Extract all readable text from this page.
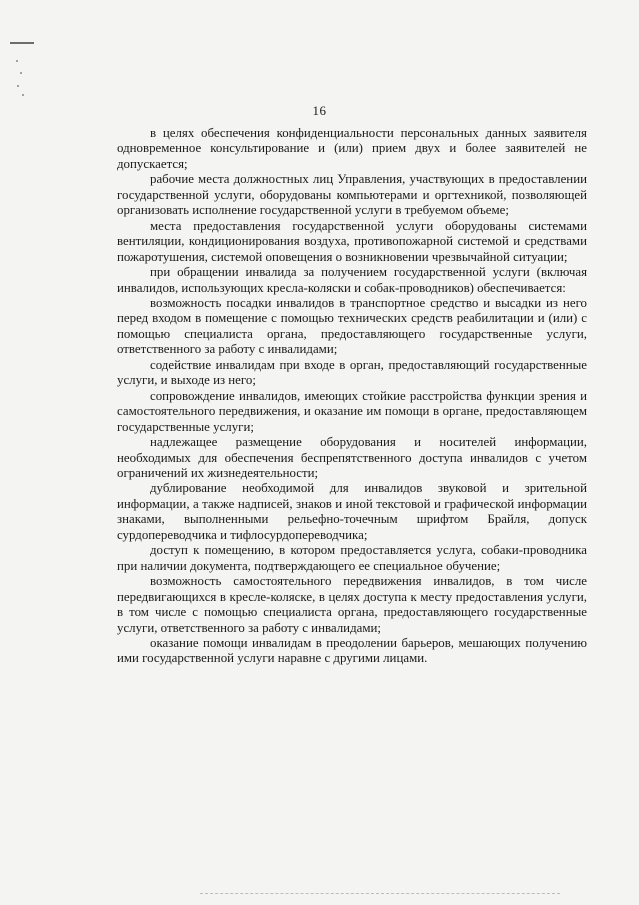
16

в целях обеспечения конфиденциальности персональных данных заявителя одновременное консультирование и (или) прием двух и более заявителей не допускается;

рабочие места должностных лиц Управления, участвующих в предоставлении государственной услуги, оборудованы компьютерами и оргтехникой, позволяющей организовать исполнение государственной услуги в требуемом объеме;

места предоставления государственной услуги оборудованы системами вентиляции, кондиционирования воздуха, противопожарной системой и средствами пожаротушения, системой оповещения о возникновении чрезвычайной ситуации;

при обращении инвалида за получением государственной услуги (включая инвалидов, использующих кресла-коляски и собак-проводников) обеспечивается:

возможность посадки инвалидов в транспортное средство и высадки из него перед входом в помещение с помощью технических средств реабилитации и (или) с помощью специалиста органа, предоставляющего государственные услуги, ответственного за работу с инвалидами;

содействие инвалидам при входе в орган, предоставляющий государственные услуги, и выходе из него;

сопровождение инвалидов, имеющих стойкие расстройства функции зрения и самостоятельного передвижения, и оказание им помощи в органе, предоставляющем государственные услуги;

надлежащее размещение оборудования и носителей информации, необходимых для обеспечения беспрепятственного доступа инвалидов с учетом ограничений их жизнедеятельности;

дублирование необходимой для инвалидов звуковой и зрительной информации, а также надписей, знаков и иной текстовой и графической информации знаками, выполненными рельефно-точечным шрифтом Брайля, допуск сурдопереводчика и тифлосурдопереводчика;

доступ к помещению, в котором предоставляется услуга, собаки-проводника при наличии документа, подтверждающего ее специальное обучение;

возможность самостоятельного передвижения инвалидов, в том числе передвигающихся в кресле-коляске, в целях доступа к месту предоставления услуги, в том числе с помощью специалиста органа, предоставляющего государственные услуги, ответственного за работу с инвалидами;

оказание помощи инвалидам в преодолении барьеров, мешающих получению ими государственной услуги наравне с другими лицами.
